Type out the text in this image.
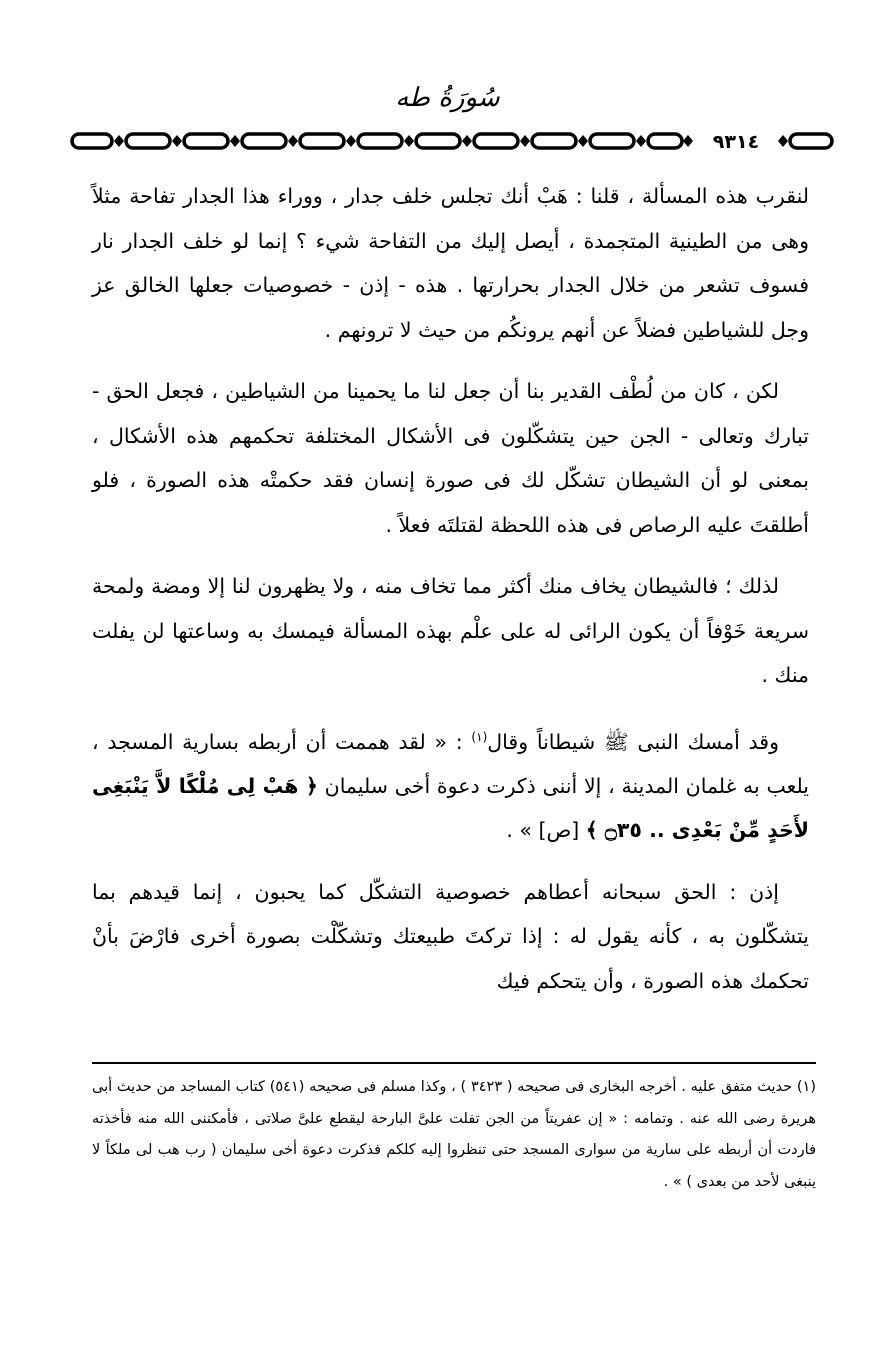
سُورَةُ طه
٩٣١٤

لنقرب هذه المسألة ، قلنا : هَبْ أنك تجلس خلف جدار ، ووراء هذا الجدار تفاحة مثلاً وهى من الطينية المتجمدة ، أيصل إليك من التفاحة شيء ؟ إنما لو خلف الجدار نار فسوف تشعر من خلال الجدار بحرارتها . هذه - إذن - خصوصيات جعلها الخالق عز وجل للشياطين فضلاً عن أنهم يرونكُم من حيث لا ترونهم .

لكن ، كان من لُطْف القدير بنا أن جعل لنا ما يحمينا من الشياطين ، فجعل الحق - تبارك وتعالى - الجن حين يتشكّلون فى الأشكال المختلفة تحكمهم هذه الأشكال ، بمعنى لو أن الشيطان تشكّل لك فى صورة إنسان فقد حكمتْه هذه الصورة ، فلو أطلقتَ عليه الرصاص فى هذه اللحظة لقتلتَه فعلاً .

لذلك ؛ فالشيطان يخاف منك أكثر مما تخاف منه ، ولا يظهرون لنا إلا ومضة ولمحة سريعة خَوْفاً أن يكون الرائى له على علْم بهذه المسألة فيمسك به وساعتها لن يفلت منك .

وقد أمسك النبى ﷺ شيطاناً وقال$^{(١)}$ : « لقد هممت أن أربطه بسارية المسجد ، يلعب به غلمان المدينة ، إلا أننى ذكرت دعوة أخى سليمان ﴿ هَبْ لِى مُلْكًا لاَّ يَنْبَغِى لأَحَدٍ مِّنْ بَعْدِى .. ۝٣٥ ﴾ [ص] » .

إذن : الحق سبحانه أعطاهم خصوصية التشكّل كما يحبون ، إنما قيدهم بما يتشكّلون به ، كأنه يقول له : إذا تركتَ طبيعتك وتشكّلْت بصورة أخرى فارْضَ بأنْ تحكمك هذه الصورة ، وأن يتحكم فيك

(١) حديث متفق عليه . أخرجه البخارى فى صحيحه ( ٣٤٢٣ ) ، وكذا مسلم فى صحيحه (٥٤١) كتاب المساجد من حديث أبى هريرة رضى الله عنه . وتمامه : « إن عفريتاً من الجن تفلت علىَّ البارحة ليقطع علىَّ صلاتى ، فأمكننى الله منه فأخذته فاردت أن أربطه على سارية من سوارى المسجد حتى تنظروا إليه كلكم فذكرت دعوة أخى سليمان ( رب هب لى ملكاً لا ينبغى لأحد من بعدى ) » .
